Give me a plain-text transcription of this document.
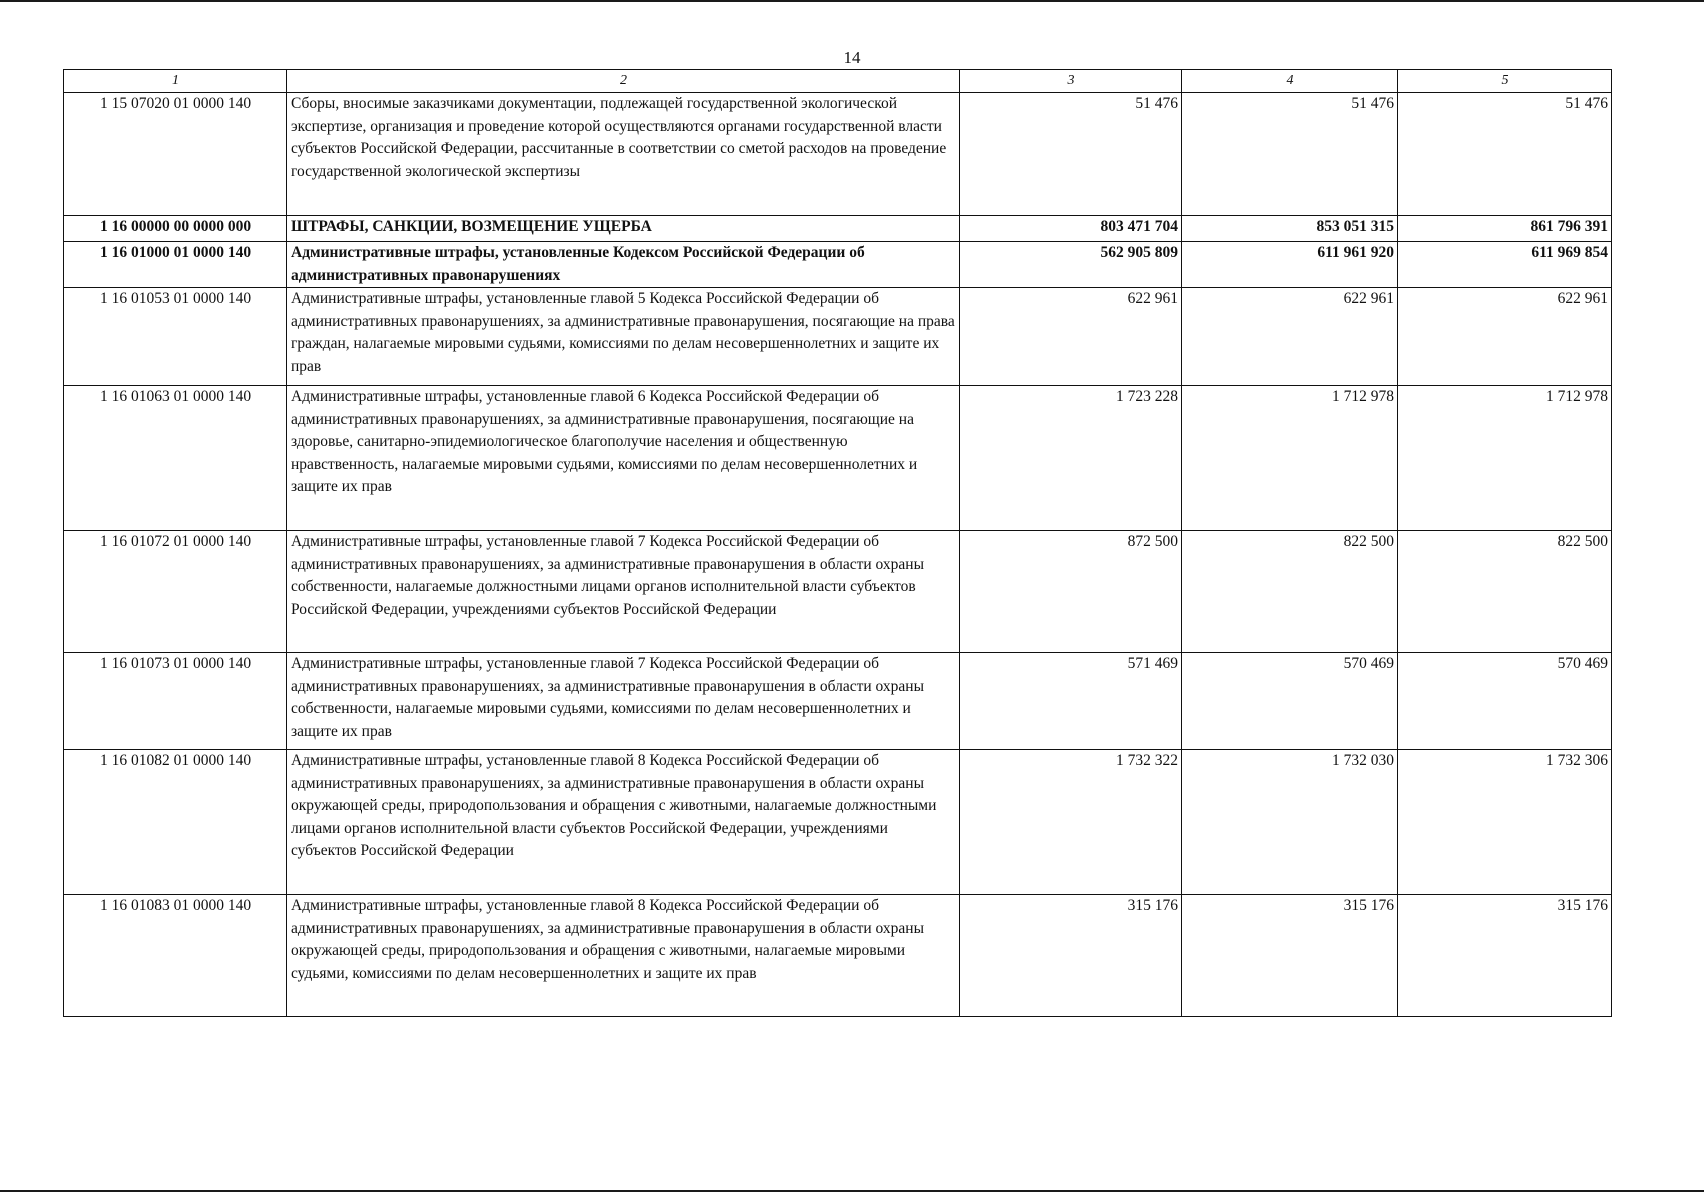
14
1	2	3	4	5
1 15 07020 01 0000 140	Сборы, вносимые заказчиками документации, подлежащей государственной экологической экспертизе, организация и проведение которой осуществляются органами государственной власти субъектов Российской Федерации, рассчитанные в соответствии со сметой расходов на проведение государственной экологической экспертизы	51 476	51 476	51 476
1 16 00000 00 0000 000	ШТРАФЫ, САНКЦИИ, ВОЗМЕЩЕНИЕ УЩЕРБА	803 471 704	853 051 315	861 796 391
1 16 01000 01 0000 140	Административные штрафы, установленные Кодексом Российской Федерации об административных правонарушениях	562 905 809	611 961 920	611 969 854
1 16 01053 01 0000 140	Административные штрафы, установленные главой 5 Кодекса Российской Федерации об административных правонарушениях, за административные правонарушения, посягающие на права граждан, налагаемые мировыми судьями, комиссиями по делам несовершеннолетних и защите их прав	622 961	622 961	622 961
1 16 01063 01 0000 140	Административные штрафы, установленные главой 6 Кодекса Российской Федерации об административных правонарушениях, за административные правонарушения, посягающие на здоровье, санитарно-эпидемиологическое благополучие населения и общественную нравственность, налагаемые мировыми судьями, комиссиями по делам несовершеннолетних и защите их прав	1 723 228	1 712 978	1 712 978
1 16 01072 01 0000 140	Административные штрафы, установленные главой 7 Кодекса Российской Федерации об административных правонарушениях, за административные правонарушения в области охраны собственности, налагаемые должностными лицами органов исполнительной власти субъектов Российской Федерации, учреждениями субъектов Российской Федерации	872 500	822 500	822 500
1 16 01073 01 0000 140	Административные штрафы, установленные главой 7 Кодекса Российской Федерации об административных правонарушениях, за административные правонарушения в области охраны собственности, налагаемые мировыми судьями, комиссиями по делам несовершеннолетних и защите их прав	571 469	570 469	570 469
1 16 01082 01 0000 140	Административные штрафы, установленные главой 8 Кодекса Российской Федерации об административных правонарушениях, за административные правонарушения в области охраны окружающей среды, природопользования и обращения с животными, налагаемые должностными лицами органов исполнительной власти субъектов Российской Федерации, учреждениями субъектов Российской Федерации	1 732 322	1 732 030	1 732 306
1 16 01083 01 0000 140	Административные штрафы, установленные главой 8 Кодекса Российской Федерации об административных правонарушениях, за административные правонарушения в области охраны окружающей среды, природопользования и обращения с животными, налагаемые мировыми судьями, комиссиями по делам несовершеннолетних и защите их прав	315 176	315 176	315 176
